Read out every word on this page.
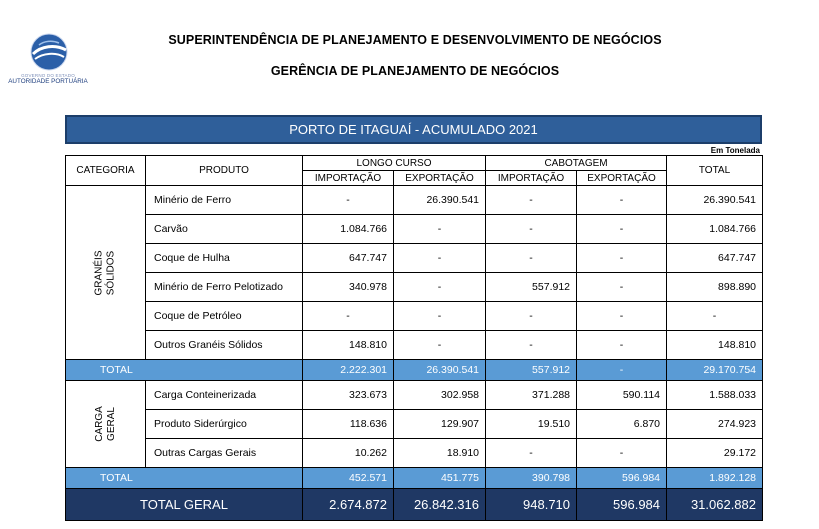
GOVERNO DO ESTADO
AUTORIDADE PORTUÁRIA
SUPERINTENDÊNCIA DE PLANEJAMENTO E DESENVOLVIMENTO DE NEGÓCIOS
GERÊNCIA DE PLANEJAMENTO DE NEGÓCIOS
PORTO DE ITAGUAÍ - ACUMULADO 2021
Em Tonelada
CATEGORIA	PRODUTO	LONGO CURSO		CABOTAGEM		TOTAL
		IMPORTAÇÃO	EXPORTAÇÃO	IMPORTAÇÃO	EXPORTAÇÃO	
GRANÉIS
SÓLIDOS	Minério de Ferro	-	26.390.541	-	-	26.390.541
	Carvão	1.084.766	-	-	-	1.084.766
	Coque de Hulha	647.747	-	-	-	647.747
	Minério de Ferro Pelotizado	340.978	-	557.912	-	898.890
	Coque de Petróleo	-	-	-	-	-
	Outros Granéis Sólidos	148.810	-	-	-	148.810
TOTAL		2.222.301	26.390.541	557.912	-	29.170.754
CARGA
GERAL	Carga Conteinerizada	323.673	302.958	371.288	590.114	1.588.033
	Produto Siderúrgico	118.636	129.907	19.510	6.870	274.923
	Outras Cargas Gerais	10.262	18.910	-	-	29.172
TOTAL		452.571	451.775	390.798	596.984	1.892.128
TOTAL GERAL		2.674.872	26.842.316	948.710	596.984	31.062.882
